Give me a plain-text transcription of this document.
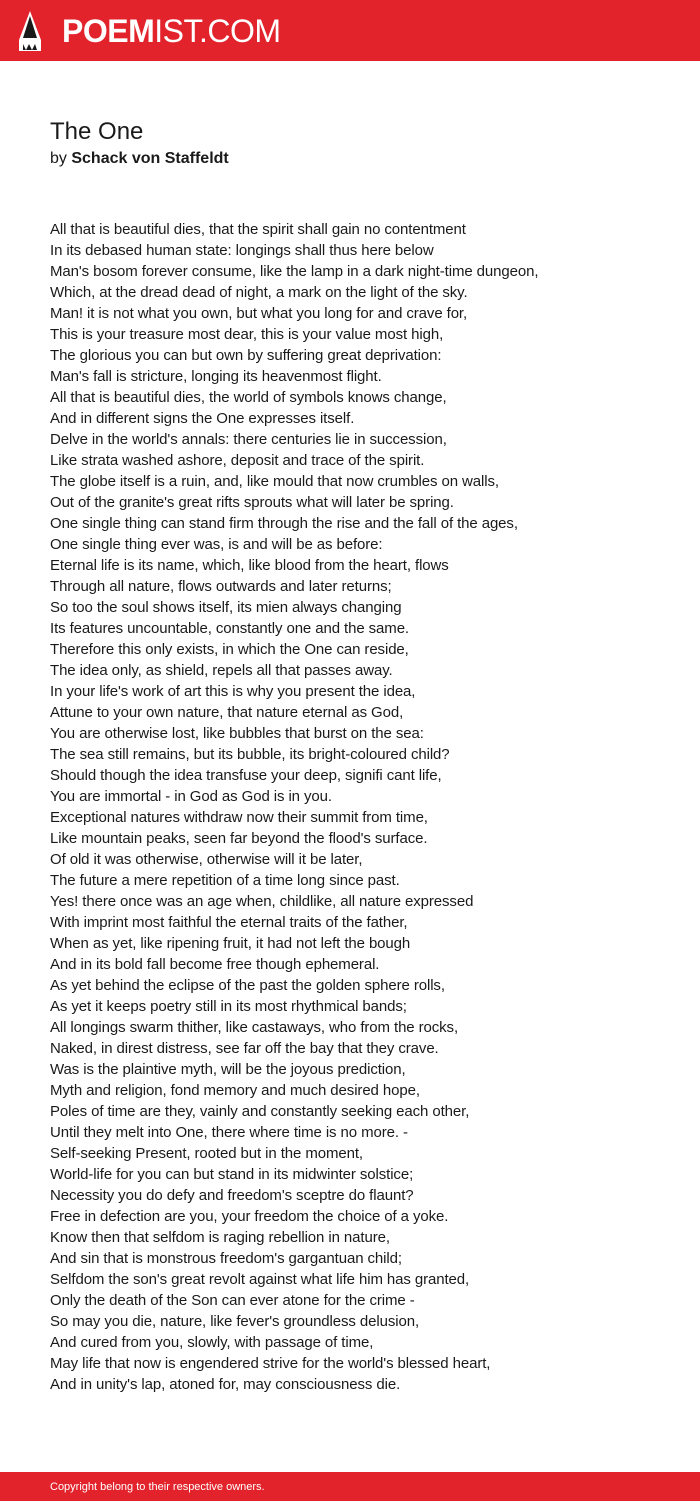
POEMIST.COM
The One
by Schack von Staffeldt
All that is beautiful dies, that the spirit shall gain no contentment
In its debased human state: longings shall thus here below
Man's bosom forever consume, like the lamp in a dark night-time dungeon,
Which, at the dread dead of night, a mark on the light of the sky.
Man! it is not what you own, but what you long for and crave for,
This is your treasure most dear, this is your value most high,
The glorious you can but own by suffering great deprivation:
Man's fall is stricture, longing its heavenmost flight.
All that is beautiful dies, the world of symbols knows change,
And in different signs the One expresses itself.
Delve in the world's annals: there centuries lie in succession,
Like strata washed ashore, deposit and trace of the spirit.
The globe itself is a ruin, and, like mould that now crumbles on walls,
Out of the granite's great rifts sprouts what will later be spring.
One single thing can stand firm through the rise and the fall of the ages,
One single thing ever was, is and will be as before:
Eternal life is its name, which, like blood from the heart, flows
Through all nature, flows outwards and later returns;
So too the soul shows itself, its mien always changing
Its features uncountable, constantly one and the same.
Therefore this only exists, in which the One can reside,
The idea only, as shield, repels all that passes away.
In your life's work of art this is why you present the idea,
Attune to your own nature, that nature eternal as God,
You are otherwise lost, like bubbles that burst on the sea:
The sea still remains, but its bubble, its bright-coloured child?
Should though the idea transfuse your deep, signifi cant life,
You are immortal - in God as God is in you.
Exceptional natures withdraw now their summit from time,
Like mountain peaks, seen far beyond the flood's surface.
Of old it was otherwise, otherwise will it be later,
The future a mere repetition of a time long since past.
Yes! there once was an age when, childlike, all nature expressed
With imprint most faithful the eternal traits of the father,
When as yet, like ripening fruit, it had not left the bough
And in its bold fall become free though ephemeral.
As yet behind the eclipse of the past the golden sphere rolls,
As yet it keeps poetry still in its most rhythmical bands;
All longings swarm thither, like castaways, who from the rocks,
Naked, in direst distress, see far off the bay that they crave.
Was is the plaintive myth, will be the joyous prediction,
Myth and religion, fond memory and much desired hope,
Poles of time are they, vainly and constantly seeking each other,
Until they melt into One, there where time is no more. -
Self-seeking Present, rooted but in the moment,
World-life for you can but stand in its midwinter solstice;
Necessity you do defy and freedom's sceptre do flaunt?
Free in defection are you, your freedom the choice of a yoke.
Know then that selfdom is raging rebellion in nature,
And sin that is monstrous freedom's gargantuan child;
Selfdom the son's great revolt against what life him has granted,
Only the death of the Son can ever atone for the crime -
So may you die, nature, like fever's groundless delusion,
And cured from you, slowly, with passage of time,
May life that now is engendered strive for the world's blessed heart,
And in unity's lap, atoned for, may consciousness die.
Copyright belong to their respective owners.
